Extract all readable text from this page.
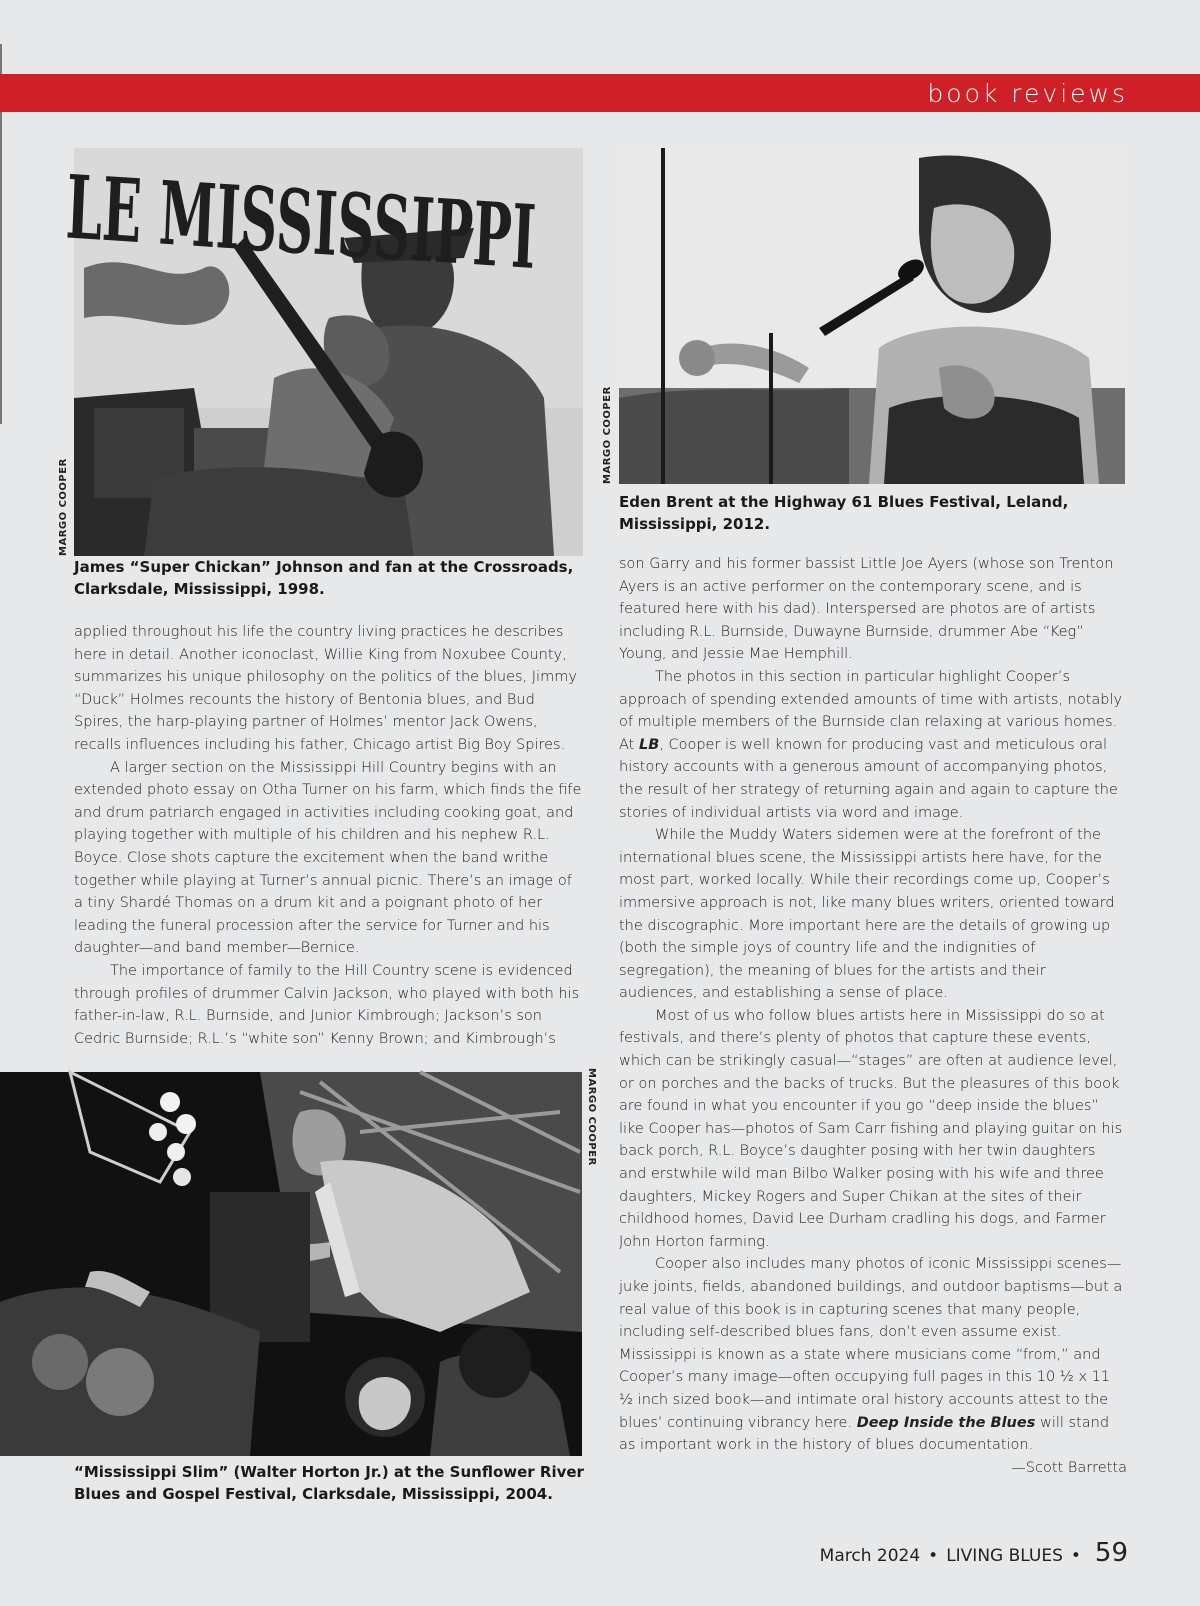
book reviews
LE MISSISSIPPI
MARGO COOPER
James “Super Chickan” Johnson and fan at the Crossroads, Clarksdale, Mississippi, 1998.
MARGO COOPER
Eden Brent at the Highway 61 Blues Festival, Leland, Mississippi, 2012.

applied throughout his life the country living practices he describes here in detail. Another iconoclast, Willie King from Noxubee County, summarizes his unique philosophy on the politics of the blues, Jimmy “Duck” Holmes recounts the history of Bentonia blues, and Bud Spires, the harp-playing partner of Holmes’ mentor Jack Owens, recalls influences including his father, Chicago artist Big Boy Spires.

A larger section on the Mississippi Hill Country begins with an extended photo essay on Otha Turner on his farm, which finds the fife and drum patriarch engaged in activities including cooking goat, and playing together with multiple of his children and his nephew R.L. Boyce. Close shots capture the excitement when the band writhe together while playing at Turner’s annual picnic. There’s an image of a tiny Shardé Thomas on a drum kit and a poignant photo of her leading the funeral procession after the service for Turner and his daughter—and band member—Bernice.

The importance of family to the Hill Country scene is evidenced through profiles of drummer Calvin Jackson, who played with both his father-in-law, R.L. Burnside, and Junior Kimbrough; Jackson’s son Cedric Burnside; R.L.’s “white son” Kenny Brown; and Kimbrough’s

MARGO COOPER
“Mississippi Slim” (Walter Horton Jr.) at the Sunflower River Blues and Gospel Festival, Clarksdale, Mississippi, 2004.

son Garry and his former bassist Little Joe Ayers (whose son Trenton Ayers is an active performer on the contemporary scene, and is featured here with his dad). Interspersed are photos are of artists including R.L. Burnside, Duwayne Burnside, drummer Abe “Keg” Young, and Jessie Mae Hemphill.

The photos in this section in particular highlight Cooper’s approach of spending extended amounts of time with artists, notably of multiple members of the Burnside clan relaxing at various homes. At LB, Cooper is well known for producing vast and meticulous oral history accounts with a generous amount of accompanying photos, the result of her strategy of returning again and again to capture the stories of individual artists via word and image.

While the Muddy Waters sidemen were at the forefront of the international blues scene, the Mississippi artists here have, for the most part, worked locally. While their recordings come up, Cooper’s immersive approach is not, like many blues writers, oriented toward the discographic. More important here are the details of growing up (both the simple joys of country life and the indignities of segregation), the meaning of blues for the artists and their audiences, and establishing a sense of place.

Most of us who follow blues artists here in Mississippi do so at festivals, and there’s plenty of photos that capture these events, which can be strikingly casual—“stages” are often at audience level, or on porches and the backs of trucks. But the pleasures of this book are found in what you encounter if you go “deep inside the blues” like Cooper has—photos of Sam Carr fishing and playing guitar on his back porch, R.L. Boyce’s daughter posing with her twin daughters and erstwhile wild man Bilbo Walker posing with his wife and three daughters, Mickey Rogers and Super Chikan at the sites of their childhood homes, David Lee Durham cradling his dogs, and Farmer John Horton farming.

Cooper also includes many photos of iconic Mississippi scenes—juke joints, fields, abandoned buildings, and outdoor baptisms—but a real value of this book is in capturing scenes that many people, including self-described blues fans, don’t even assume exist. Mississippi is known as a state where musicians come “from,” and Cooper’s many image—often occupying full pages in this 10 ½ x 11 ½ inch sized book—and intimate oral history accounts attest to the blues’ continuing vibrancy here. Deep Inside the Blues will stand as important work in the history of blues documentation.

—Scott Barretta

March 2024 • LIVING BLUES • 59
